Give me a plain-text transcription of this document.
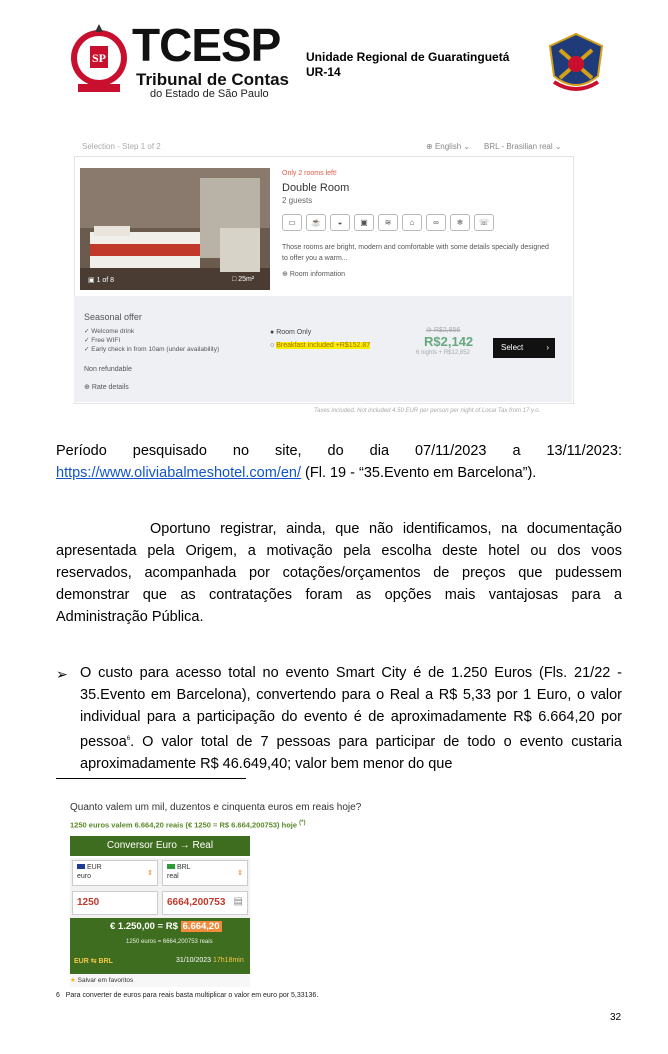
SP TCESP
Tribunal de Contas
do Estado de São Paulo
Unidade Regional de Guaratinguetá
UR-14
Selection - Step 1 of 2	⊕ English ⌄ BRL - Brasilian real ⌄
▣ 1 of 8	□ 25m²
Only 2 rooms left!
Double Room
2 guests
▭	☕	◒	▣	≋	⌂	∞	❄	☏
Those rooms are bright, modern and comfortable with some details specially designed to offer you a warm...
⊕ Room information
Seasonal offer
✓ Welcome drink
✓ Free WIFI
✓ Early check in from 10am (under availability)
Non refundable
⊕ Rate details
● Room Only
○ Breakfast included +R$152.87
⊘ R$2,856
R$2,142
6 nights + R$12,852
Select	›
Taxes included. Not included 4.50 EUR per person per night of Local Tax from 17 y.o.
Período pesquisado no site, do dia 07/11/2023 a 13/11/2023: https://www.oliviabalmeshotel.com/en/ (Fl. 19 - “35.Evento em Barcelona”).
Oportuno registrar, ainda, que não identificamos, na documentação apresentada pela Origem, a motivação pela escolha deste hotel ou dos voos reservados, acompanhada por cotações/orçamentos de preços que pudessem demonstrar que as contratações foram as opções mais vantajosas para a Administração Pública.
➢ O custo para acesso total no evento Smart City é de 1.250 Euros (Fls. 21/22 - 35.Evento em Barcelona), convertendo para o Real a R$ 5,33 por 1 Euro, o valor individual para a participação do evento é de aproximadamente R$ 6.664,20 por pessoa$^6$. O valor total de 7 pessoas para participar de todo o evento custaria aproximadamente R$ 46.649,40; valor bem menor do que
Quanto valem um mil, duzentos e cinquenta euros em reais hoje?
1250 euros valem 6.664,20 reais (€ 1250 = R$ 6.664,200753) hoje (*)
Conversor Euro → Real
EUR
euro	⇕
BRL
real	⇕
1250	6664,200753 ▤
€ 1.250,00 = R$ 6.664,20
1250 euros = 6664,200753 reais
EUR ⇆ BRL	31/10/2023 17h18min
★ Salvar em favoritos
6 Para converter de euros para reais basta multiplicar o valor em euro por 5,33136.
32
